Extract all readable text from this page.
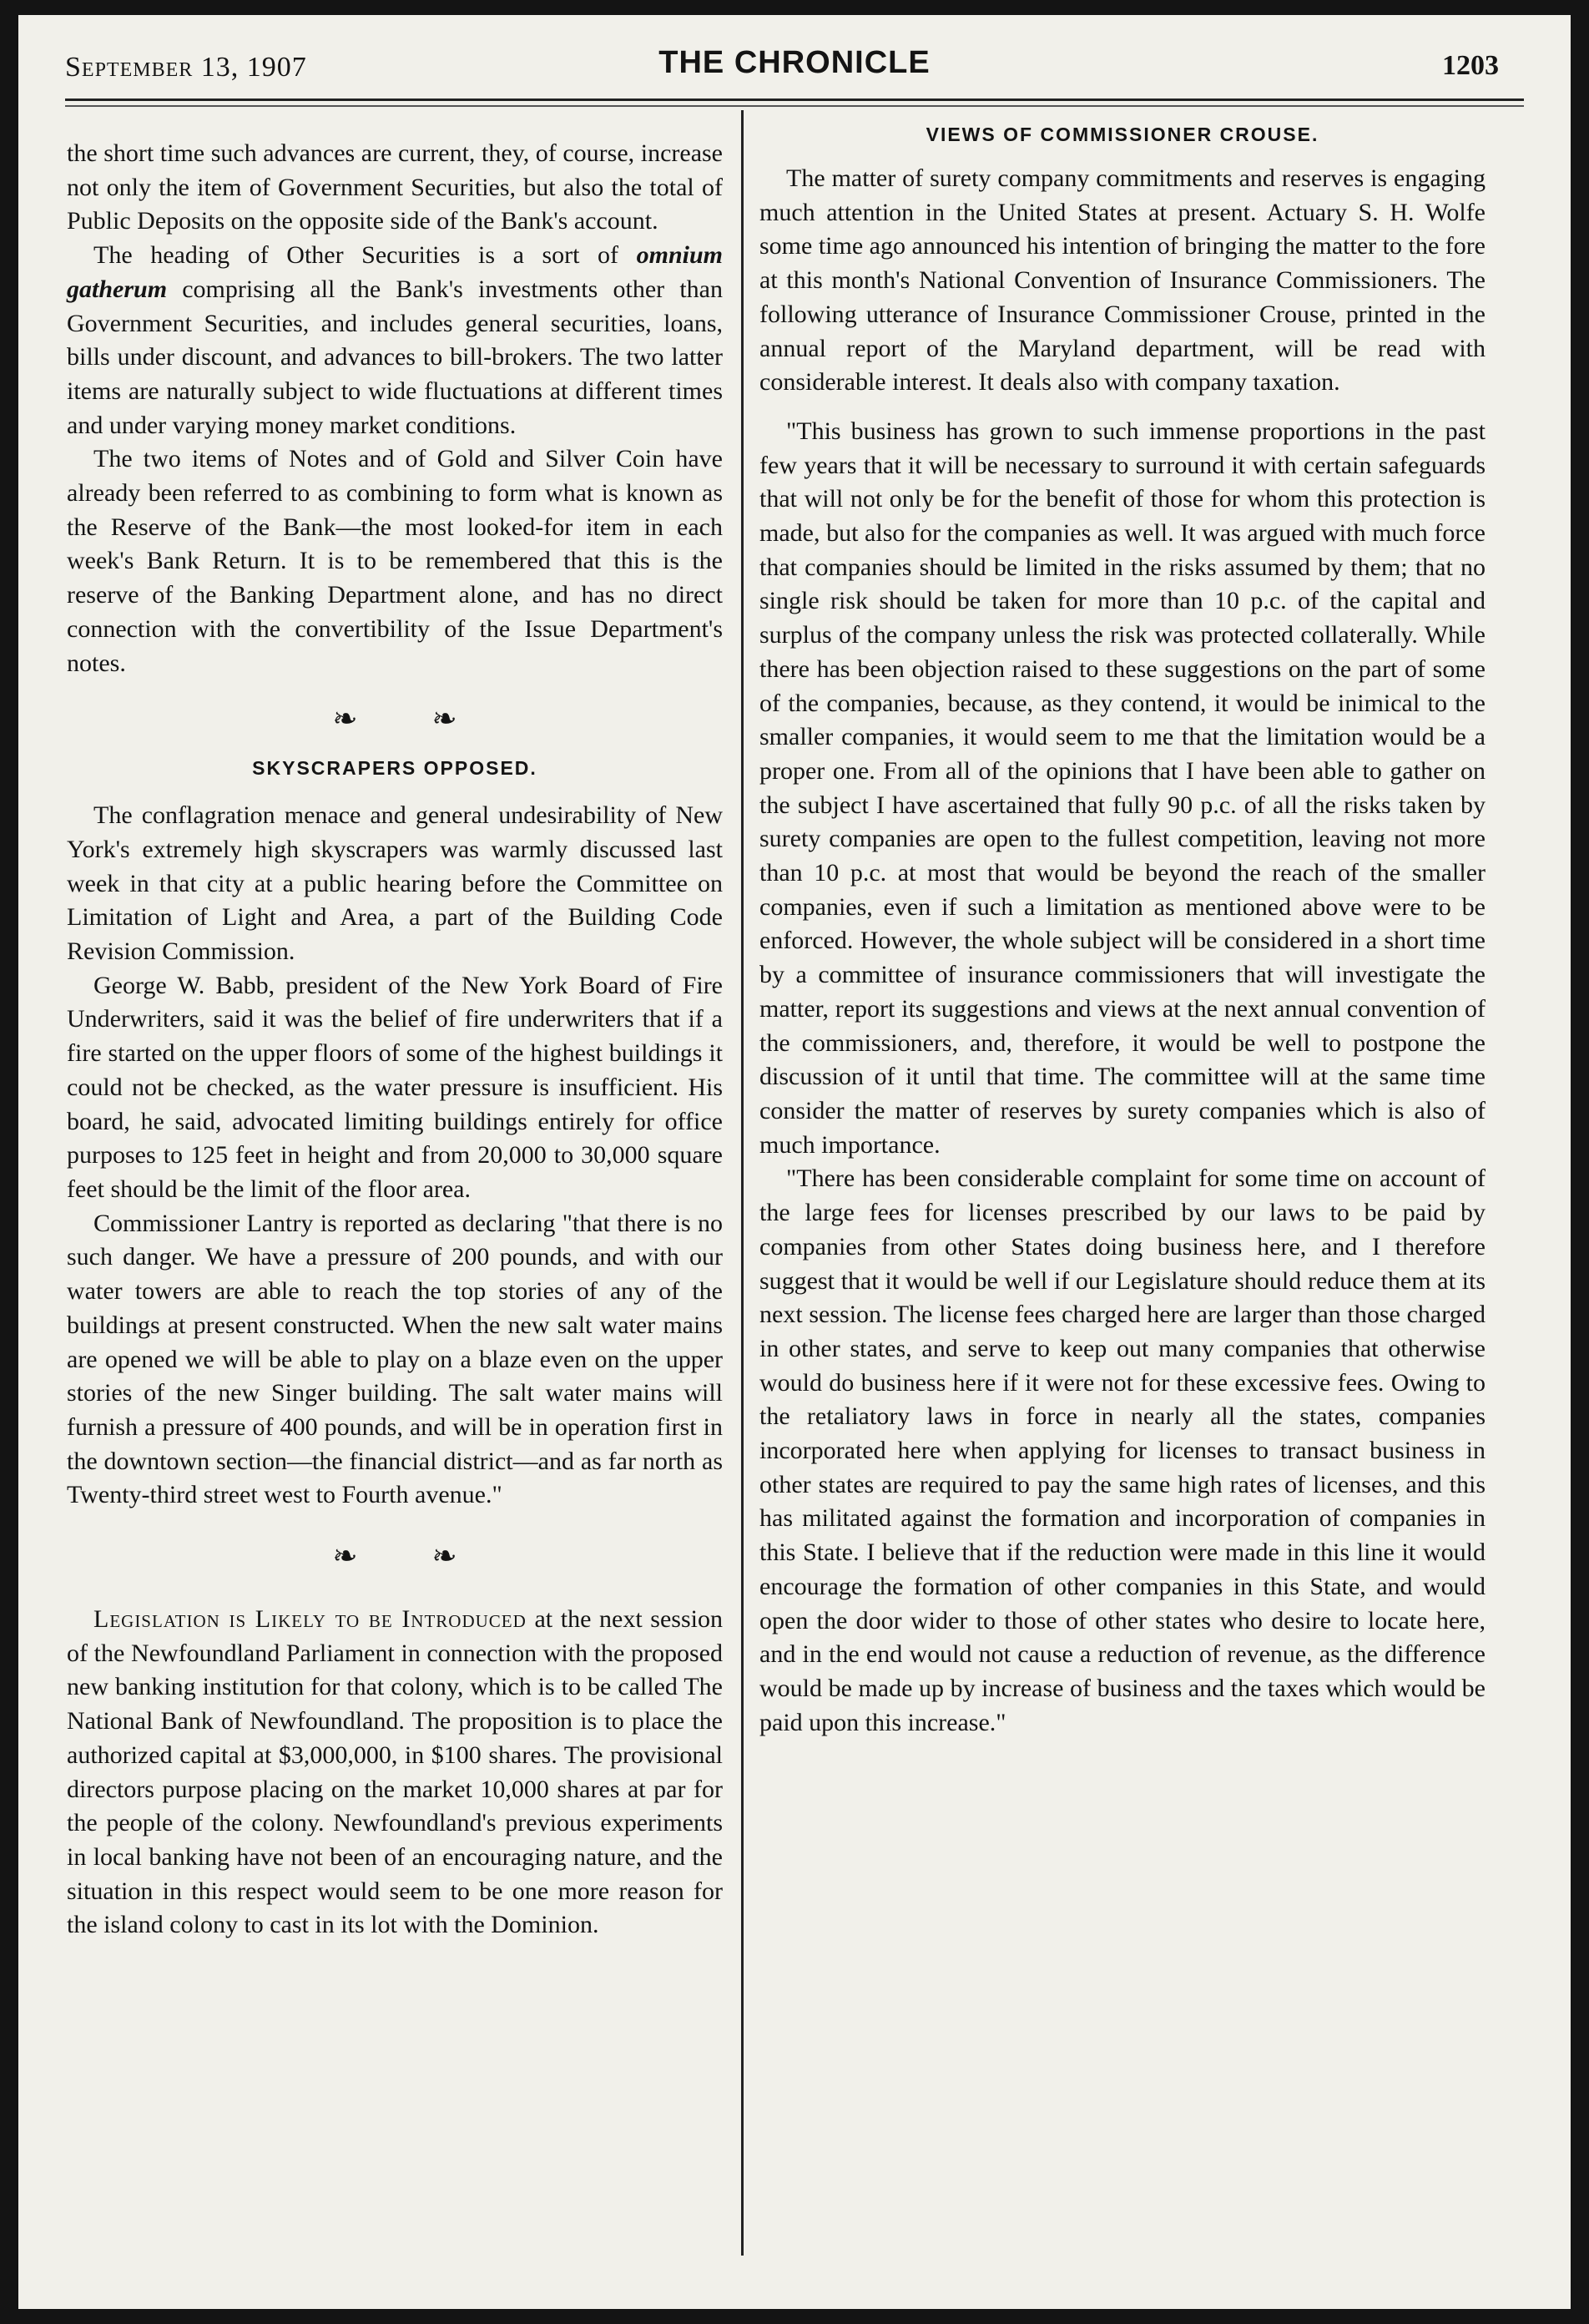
September 13, 1907	THE CHRONICLE	1203

the short time such advances are current, they, of course, increase not only the item of Government Securities, but also the total of Public Deposits on the opposite side of the Bank's account.

The heading of Other Securities is a sort of omnium gatherum comprising all the Bank's investments other than Government Securities, and includes general securities, loans, bills under discount, and advances to bill-brokers. The two latter items are naturally subject to wide fluctuations at different times and under varying money market conditions.

The two items of Notes and of Gold and Silver Coin have already been referred to as combining to form what is known as the Reserve of the Bank—the most looked-for item in each week's Bank Return. It is to be remembered that this is the reserve of the Banking Department alone, and has no direct connection with the convertibility of the Issue Department's notes.

❧ ❧
SKYSCRAPERS OPPOSED.

The conflagration menace and general undesirability of New York's extremely high skyscrapers was warmly discussed last week in that city at a public hearing before the Committee on Limitation of Light and Area, a part of the Building Code Revision Commission.

George W. Babb, president of the New York Board of Fire Underwriters, said it was the belief of fire underwriters that if a fire started on the upper floors of some of the highest buildings it could not be checked, as the water pressure is insufficient. His board, he said, advocated limiting buildings entirely for office purposes to 125 feet in height and from 20,000 to 30,000 square feet should be the limit of the floor area.

Commissioner Lantry is reported as declaring "that there is no such danger. We have a pressure of 200 pounds, and with our water towers are able to reach the top stories of any of the buildings at present constructed. When the new salt water mains are opened we will be able to play on a blaze even on the upper stories of the new Singer building. The salt water mains will furnish a pressure of 400 pounds, and will be in operation first in the downtown section—the financial district—and as far north as Twenty-third street west to Fourth avenue."

❧ ❧

Legislation is Likely to be Introduced at the next session of the Newfoundland Parliament in connection with the proposed new banking institution for that colony, which is to be called The National Bank of Newfoundland. The proposition is to place the authorized capital at $3,000,000, in $100 shares. The provisional directors purpose placing on the market 10,000 shares at par for the people of the colony. Newfoundland's previous experiments in local banking have not been of an encouraging nature, and the situation in this respect would seem to be one more reason for the island colony to cast in its lot with the Dominion.

VIEWS OF COMMISSIONER CROUSE.

The matter of surety company commitments and reserves is engaging much attention in the United States at present. Actuary S. H. Wolfe some time ago announced his intention of bringing the matter to the fore at this month's National Convention of Insurance Commissioners. The following utterance of Insurance Commissioner Crouse, printed in the annual report of the Maryland department, will be read with considerable interest. It deals also with company taxation.

"This business has grown to such immense proportions in the past few years that it will be necessary to surround it with certain safeguards that will not only be for the benefit of those for whom this protection is made, but also for the companies as well. It was argued with much force that companies should be limited in the risks assumed by them; that no single risk should be taken for more than 10 p.c. of the capital and surplus of the company unless the risk was protected collaterally. While there has been objection raised to these suggestions on the part of some of the companies, because, as they contend, it would be inimical to the smaller companies, it would seem to me that the limitation would be a proper one. From all of the opinions that I have been able to gather on the subject I have ascertained that fully 90 p.c. of all the risks taken by surety companies are open to the fullest competition, leaving not more than 10 p.c. at most that would be beyond the reach of the smaller companies, even if such a limitation as mentioned above were to be enforced. However, the whole subject will be considered in a short time by a committee of insurance commissioners that will investigate the matter, report its suggestions and views at the next annual convention of the commissioners, and, therefore, it would be well to postpone the discussion of it until that time. The committee will at the same time consider the matter of reserves by surety companies which is also of much importance.

"There has been considerable complaint for some time on account of the large fees for licenses prescribed by our laws to be paid by companies from other States doing business here, and I therefore suggest that it would be well if our Legislature should reduce them at its next session. The license fees charged here are larger than those charged in other states, and serve to keep out many companies that otherwise would do business here if it were not for these excessive fees. Owing to the retaliatory laws in force in nearly all the states, companies incorporated here when applying for licenses to transact business in other states are required to pay the same high rates of licenses, and this has militated against the formation and incorporation of companies in this State. I believe that if the reduction were made in this line it would encourage the formation of other companies in this State, and would open the door wider to those of other states who desire to locate here, and in the end would not cause a reduction of revenue, as the difference would be made up by increase of business and the taxes which would be paid upon this increase."
